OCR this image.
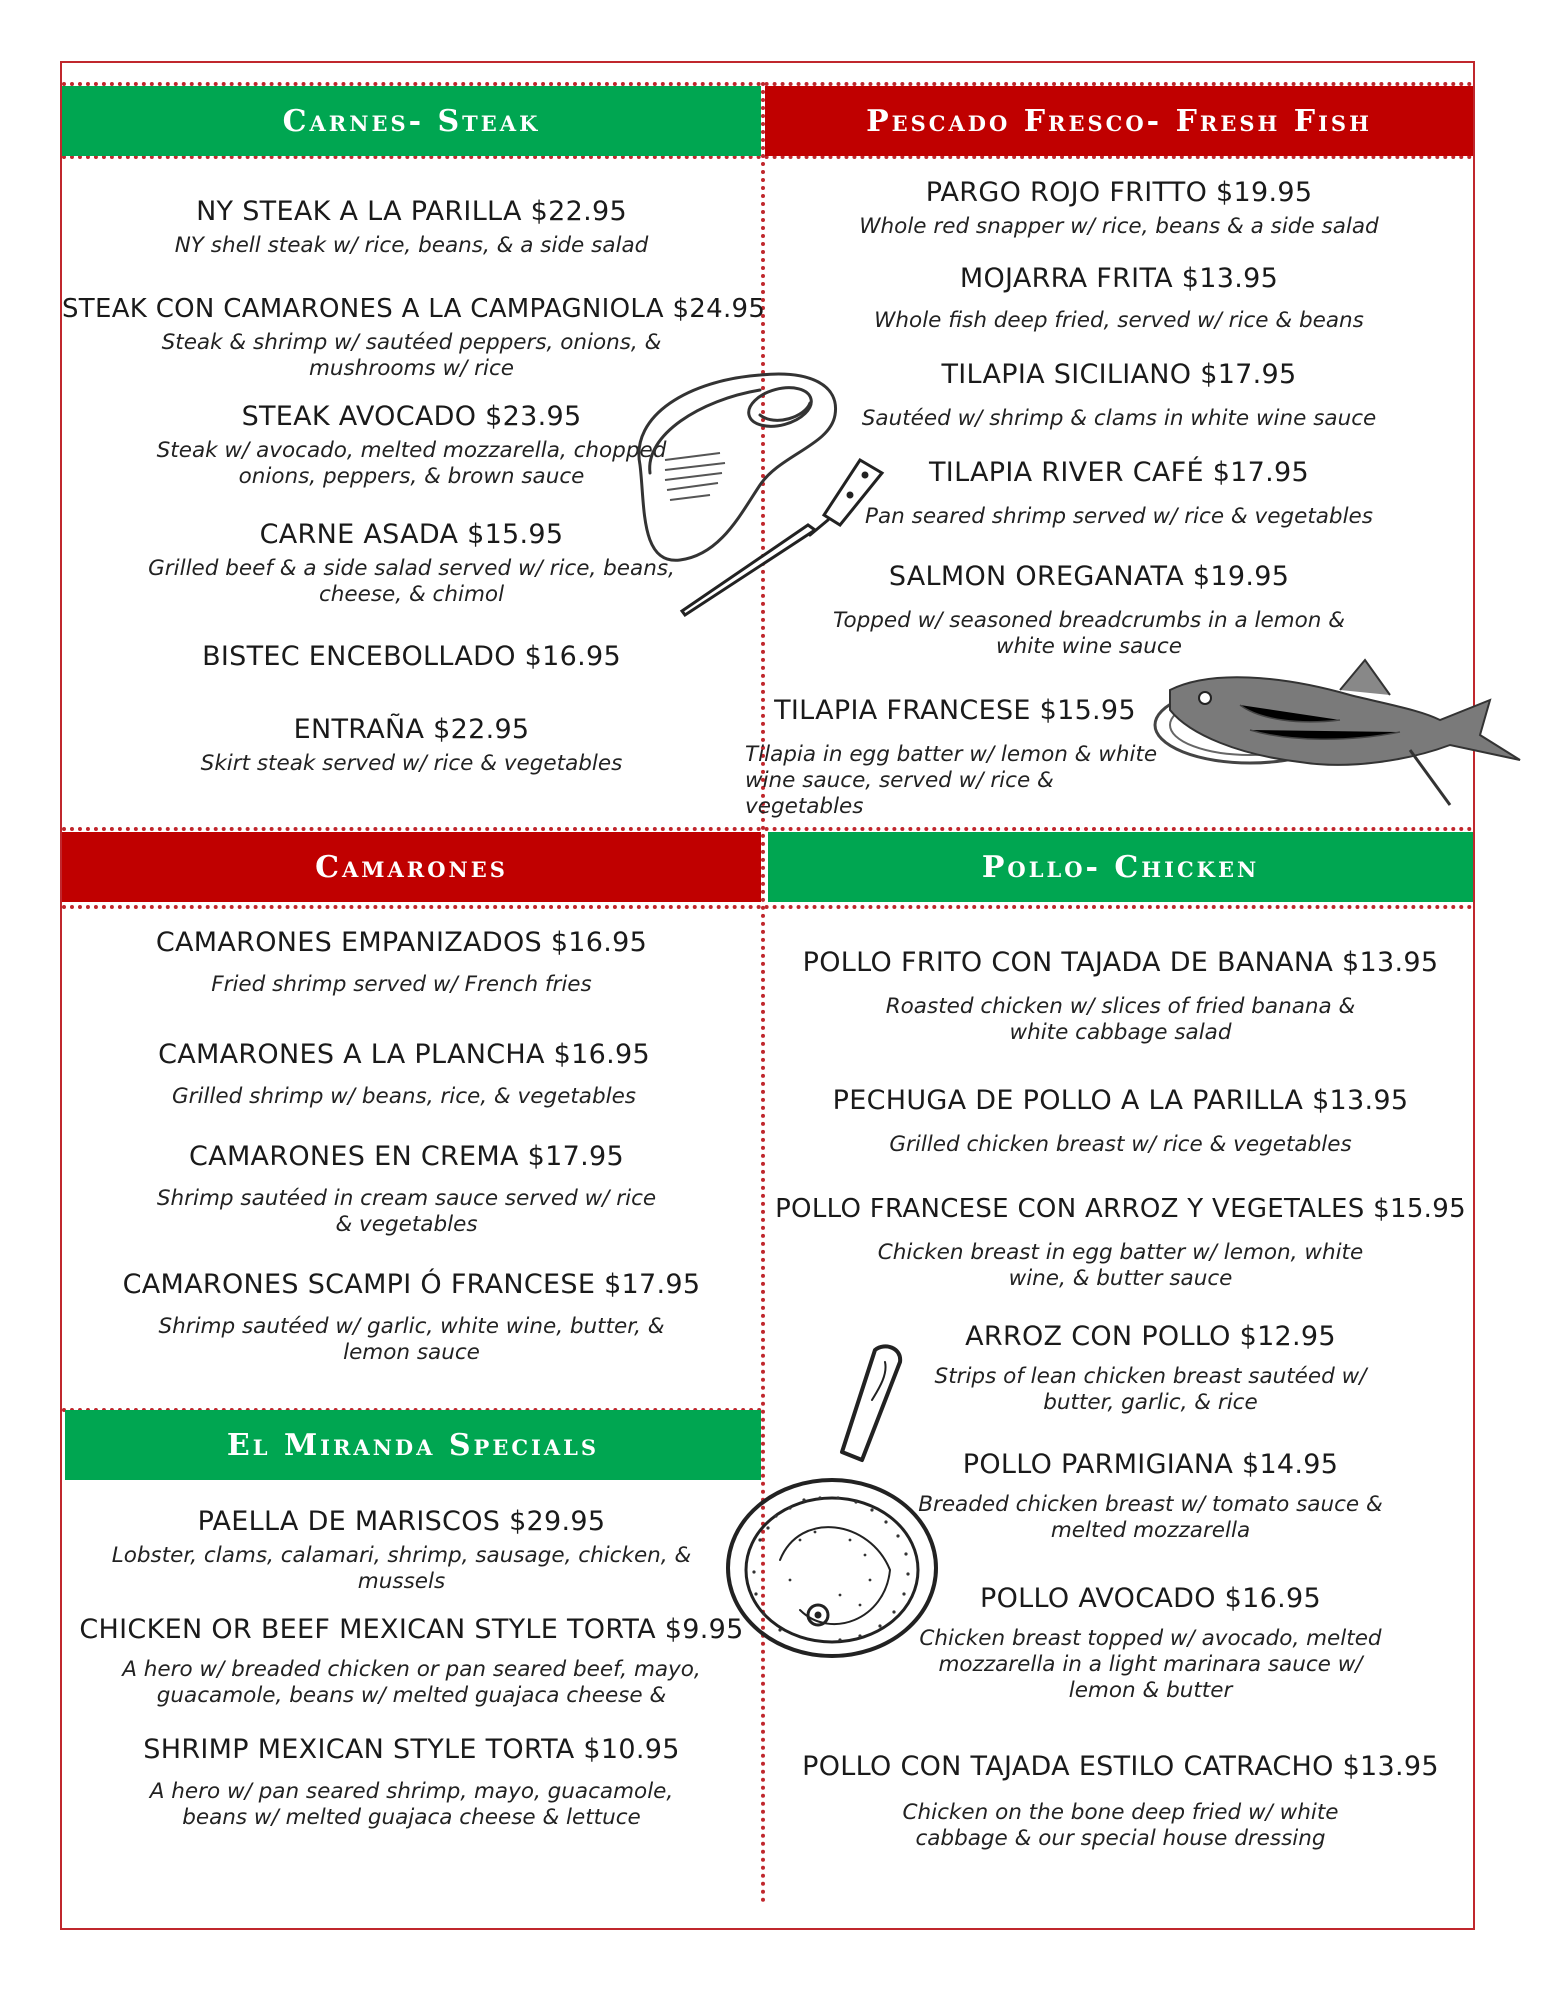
Carnes- Steak	Pescado Fresco- Fresh Fish
Camarones	Pollo- Chicken
El Miranda Specials
NY STEAK A LA PARILLA $22.95
NY shell steak w/ rice, beans, & a side salad
STEAK CON CAMARONES A LA CAMPAGNIOLA $24.95
Steak & shrimp w/ sautéed peppers, onions, & mushrooms w/ rice
STEAK AVOCADO $23.95
Steak w/ avocado, melted mozzarella, chopped onions, peppers, & brown sauce
CARNE ASADA $15.95
Grilled beef & a side salad served w/ rice, beans, cheese, & chimol
BISTEC ENCEBOLLADO $16.95
ENTRAÑA $22.95
Skirt steak served w/ rice & vegetables
PARGO ROJO FRITTO $19.95
Whole red snapper w/ rice, beans & a side salad
MOJARRA FRITA $13.95
Whole fish deep fried, served w/ rice & beans
TILAPIA SICILIANO $17.95
Sautéed w/ shrimp & clams in white wine sauce
TILAPIA RIVER CAFÉ $17.95
Pan seared shrimp served w/ rice & vegetables
SALMON OREGANATA $19.95
Topped w/ seasoned breadcrumbs in a lemon & white wine sauce
TILAPIA FRANCESE $15.95
Tilapia in egg batter w/ lemon & white wine sauce, served w/ rice & vegetables
CAMARONES EMPANIZADOS $16.95
Fried shrimp served w/ French fries
CAMARONES A LA PLANCHA $16.95
Grilled shrimp w/ beans, rice, & vegetables
CAMARONES EN CREMA $17.95
Shrimp sautéed in cream sauce served w/ rice & vegetables
CAMARONES SCAMPI Ó FRANCESE $17.95
Shrimp sautéed w/ garlic, white wine, butter, & lemon sauce
PAELLA DE MARISCOS $29.95
Lobster, clams, calamari, shrimp, sausage, chicken, & mussels
CHICKEN OR BEEF MEXICAN STYLE TORTA $9.95
A hero w/ breaded chicken or pan seared beef, mayo, guacamole, beans w/ melted guajaca cheese &
SHRIMP MEXICAN STYLE TORTA $10.95
A hero w/ pan seared shrimp, mayo, guacamole, beans w/ melted guajaca cheese & lettuce
POLLO FRITO CON TAJADA DE BANANA $13.95
Roasted chicken w/ slices of fried banana & white cabbage salad
PECHUGA DE POLLO A LA PARILLA $13.95
Grilled chicken breast w/ rice & vegetables
POLLO FRANCESE CON ARROZ Y VEGETALES $15.95
Chicken breast in egg batter w/ lemon, white wine, & butter sauce
ARROZ CON POLLO $12.95
Strips of lean chicken breast sautéed w/ butter, garlic, & rice
POLLO PARMIGIANA $14.95
Breaded chicken breast w/ tomato sauce & melted mozzarella
POLLO AVOCADO $16.95
Chicken breast topped w/ avocado, melted mozzarella in a light marinara sauce w/ lemon & butter
POLLO CON TAJADA ESTILO CATRACHO $13.95
Chicken on the bone deep fried w/ white cabbage & our special house dressing
